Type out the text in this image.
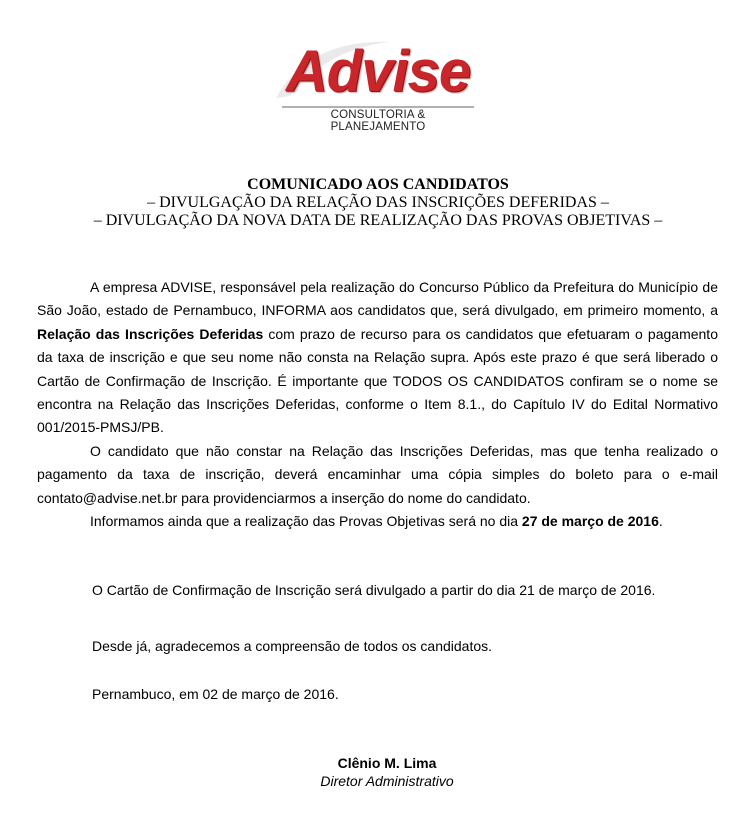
Advise
CONSULTORIA & PLANEJAMENTO
COMUNICADO AOS CANDIDATOS
– DIVULGAÇÃO DA RELAÇÃO DAS INSCRIÇÕES DEFERIDAS –
– DIVULGAÇÃO DA NOVA DATA DE REALIZAÇÃO DAS PROVAS OBJETIVAS –

A empresa ADVISE, responsável pela realização do Concurso Público da Prefeitura do Município de São João, estado de Pernambuco, INFORMA aos candidatos que, será divulgado, em primeiro momento, a Relação das Inscrições Deferidas com prazo de recurso para os candidatos que efetuaram o pagamento da taxa de inscrição e que seu nome não consta na Relação supra. Após este prazo é que será liberado o Cartão de Confirmação de Inscrição. É importante que TODOS OS CANDIDATOS confiram se o nome se encontra na Relação das Inscrições Deferidas, conforme o Item 8.1., do Capítulo IV do Edital Normativo 001/2015-PMSJ/PB.

O candidato que não constar na Relação das Inscrições Deferidas, mas que tenha realizado o pagamento da taxa de inscrição, deverá encaminhar uma cópia simples do boleto para o e-mail contato@advise.net.br para providenciarmos a inserção do nome do candidato.

Informamos ainda que a realização das Provas Objetivas será no dia 27 de março de 2016.

O Cartão de Confirmação de Inscrição será divulgado a partir do dia 21 de março de 2016.
Desde já, agradecemos a compreensão de todos os candidatos.
Pernambuco, em 02 de março de 2016.
Clênio M. Lima
Diretor Administrativo
